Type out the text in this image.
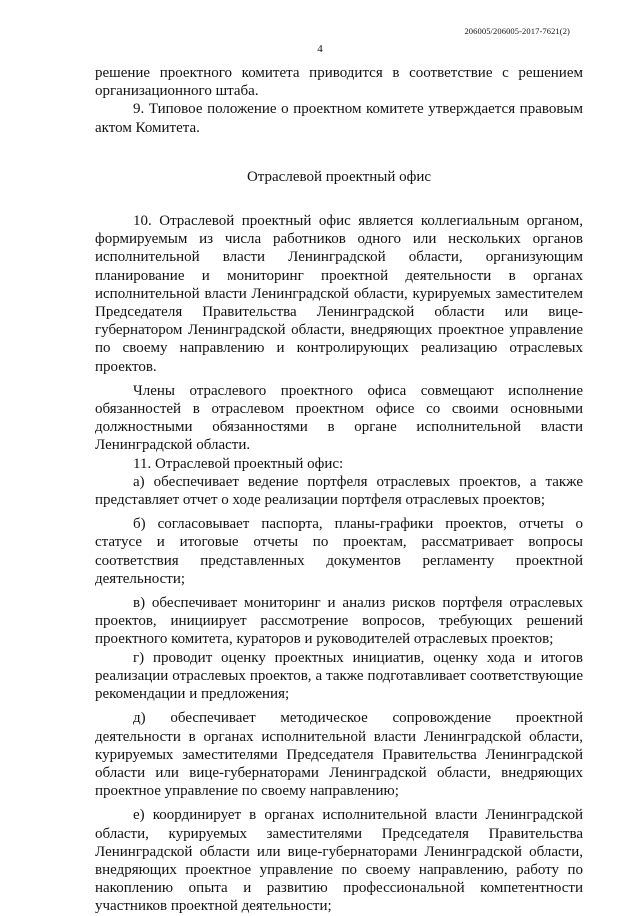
206005/206005-2017-7621(2)
4

решение проектного комитета приводится в соответствие с решением организационного штаба.

9. Типовое положение о проектном комитете утверждается правовым актом Комитета.

Отраслевой проектный офис

10. Отраслевой проектный офис является коллегиальным органом, формируемым из числа работников одного или нескольких органов исполнительной власти Ленинградской области, организующим планирование и мониторинг проектной деятельности в органах исполнительной власти Ленинградской области, курируемых заместителем Председателя Правительства Ленинградской области или вице-губернатором Ленинградской области, внедряющих проектное управление по своему направлению и контролирующих реализацию отраслевых проектов.

Члены отраслевого проектного офиса совмещают исполнение обязанностей в отраслевом проектном офисе со своими основными должностными обязанностями в органе исполнительной власти Ленинградской области.

11. Отраслевой проектный офис:

а) обеспечивает ведение портфеля отраслевых проектов, а также представляет отчет о ходе реализации портфеля отраслевых проектов;

б) согласовывает паспорта, планы-графики проектов, отчеты о статусе и итоговые отчеты по проектам, рассматривает вопросы соответствия представленных документов регламенту проектной деятельности;

в) обеспечивает мониторинг и анализ рисков портфеля отраслевых проектов, инициирует рассмотрение вопросов, требующих решений проектного комитета, кураторов и руководителей отраслевых проектов;

г) проводит оценку проектных инициатив, оценку хода и итогов реализации отраслевых проектов, а также подготавливает соответствующие рекомендации и предложения;

д) обеспечивает методическое сопровождение проектной деятельности в органах исполнительной власти Ленинградской области, курируемых заместителями Председателя Правительства Ленинградской области или вице-губернаторами Ленинградской области, внедряющих проектное управление по своему направлению;

е) координирует в органах исполнительной власти Ленинградской области, курируемых заместителями Председателя Правительства Ленинградской области или вице-губернаторами Ленинградской области, внедряющих проектное управление по своему направлению, работу по накоплению опыта и развитию профессиональной компетентности участников проектной деятельности;
